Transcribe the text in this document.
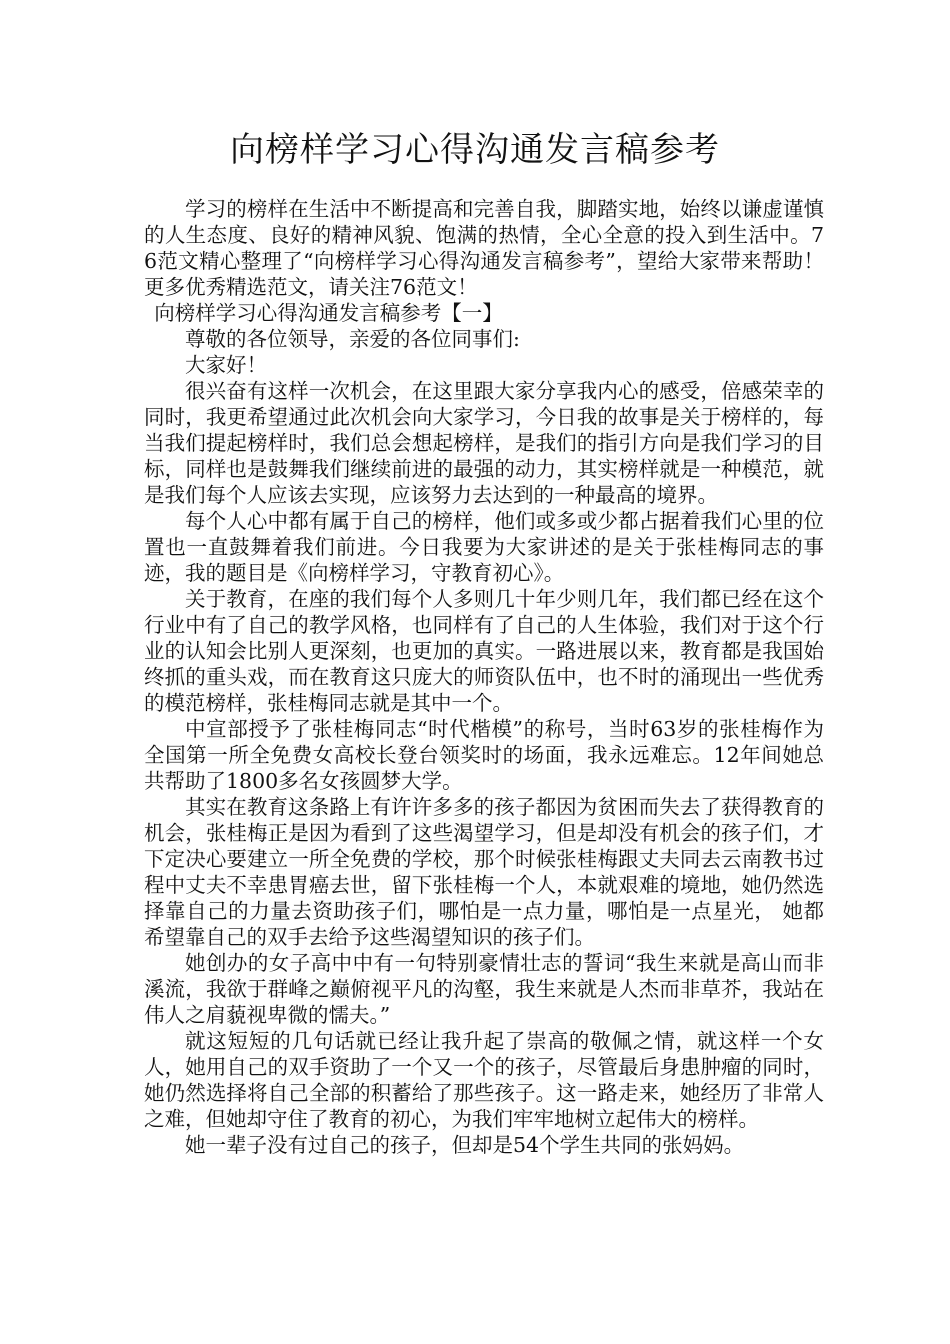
向榜样学习心得沟通发言稿参考

学习的榜样在生活中不断提高和完善自我，脚踏实地，始终以谦虚谨慎的人生态度、良好的精神风貌、饱满的热情，全心全意的投入到生活中。76范文精心整理了“向榜样学习心得沟通发言稿参考”，望给大家带来帮助！更多优秀精选范文，请关注76范文！

向榜样学习心得沟通发言稿参考【一】

尊敬的各位领导，亲爱的各位同事们:

大家好！

很兴奋有这样一次机会，在这里跟大家分享我内心的感受，倍感荣幸的同时，我更希望通过此次机会向大家学习，今日我的故事是关于榜样的，每当我们提起榜样时，我们总会想起榜样，是我们的指引方向是我们学习的目标，同样也是鼓舞我们继续前进的最强的动力，其实榜样就是一种模范，就是我们每个人应该去实现，应该努力去达到的一种最高的境界。

每个人心中都有属于自己的榜样，他们或多或少都占据着我们心里的位置也一直鼓舞着我们前进。今日我要为大家讲述的是关于张桂梅同志的事迹，我的题目是《向榜样学习，守教育初心》。

关于教育，在座的我们每个人多则几十年少则几年，我们都已经在这个行业中有了自己的教学风格，也同样有了自己的人生体验，我们对于这个行业的认知会比别人更深刻，也更加的真实。一路进展以来，教育都是我国始终抓的重头戏，而在教育这只庞大的师资队伍中，也不时的涌现出一些优秀的模范榜样，张桂梅同志就是其中一个。

中宣部授予了张桂梅同志“时代楷模”的称号，当时63岁的张桂梅作为全国第一所全免费女高校长登台领奖时的场面，我永远难忘。12年间她总共帮助了1800多名女孩圆梦大学。

其实在教育这条路上有许许多多的孩子都因为贫困而失去了获得教育的机会，张桂梅正是因为看到了这些渴望学习，但是却没有机会的孩子们，才下定决心要建立一所全免费的学校，那个时候张桂梅跟丈夫同去云南教书过程中丈夫不幸患胃癌去世，留下张桂梅一个人，本就艰难的境地，她仍然选择靠自己的力量去资助孩子们，哪怕是一点力量，哪怕是一点星光， 她都希望靠自己的双手去给予这些渴望知识的孩子们。

她创办的女子高中中有一句特别豪情壮志的誓词“我生来就是高山而非溪流，我欲于群峰之巅俯视平凡的沟壑，我生来就是人杰而非草芥，我站在伟人之肩藐视卑微的懦夫。”

就这短短的几句话就已经让我升起了崇高的敬佩之情，就这样一个女人，她用自己的双手资助了一个又一个的孩子，尽管最后身患肿瘤的同时，她仍然选择将自己全部的积蓄给了那些孩子。这一路走来，她经历了非常人之难，但她却守住了教育的初心，为我们牢牢地树立起伟大的榜样。

她一辈子没有过自己的孩子，但却是54个学生共同的张妈妈。
